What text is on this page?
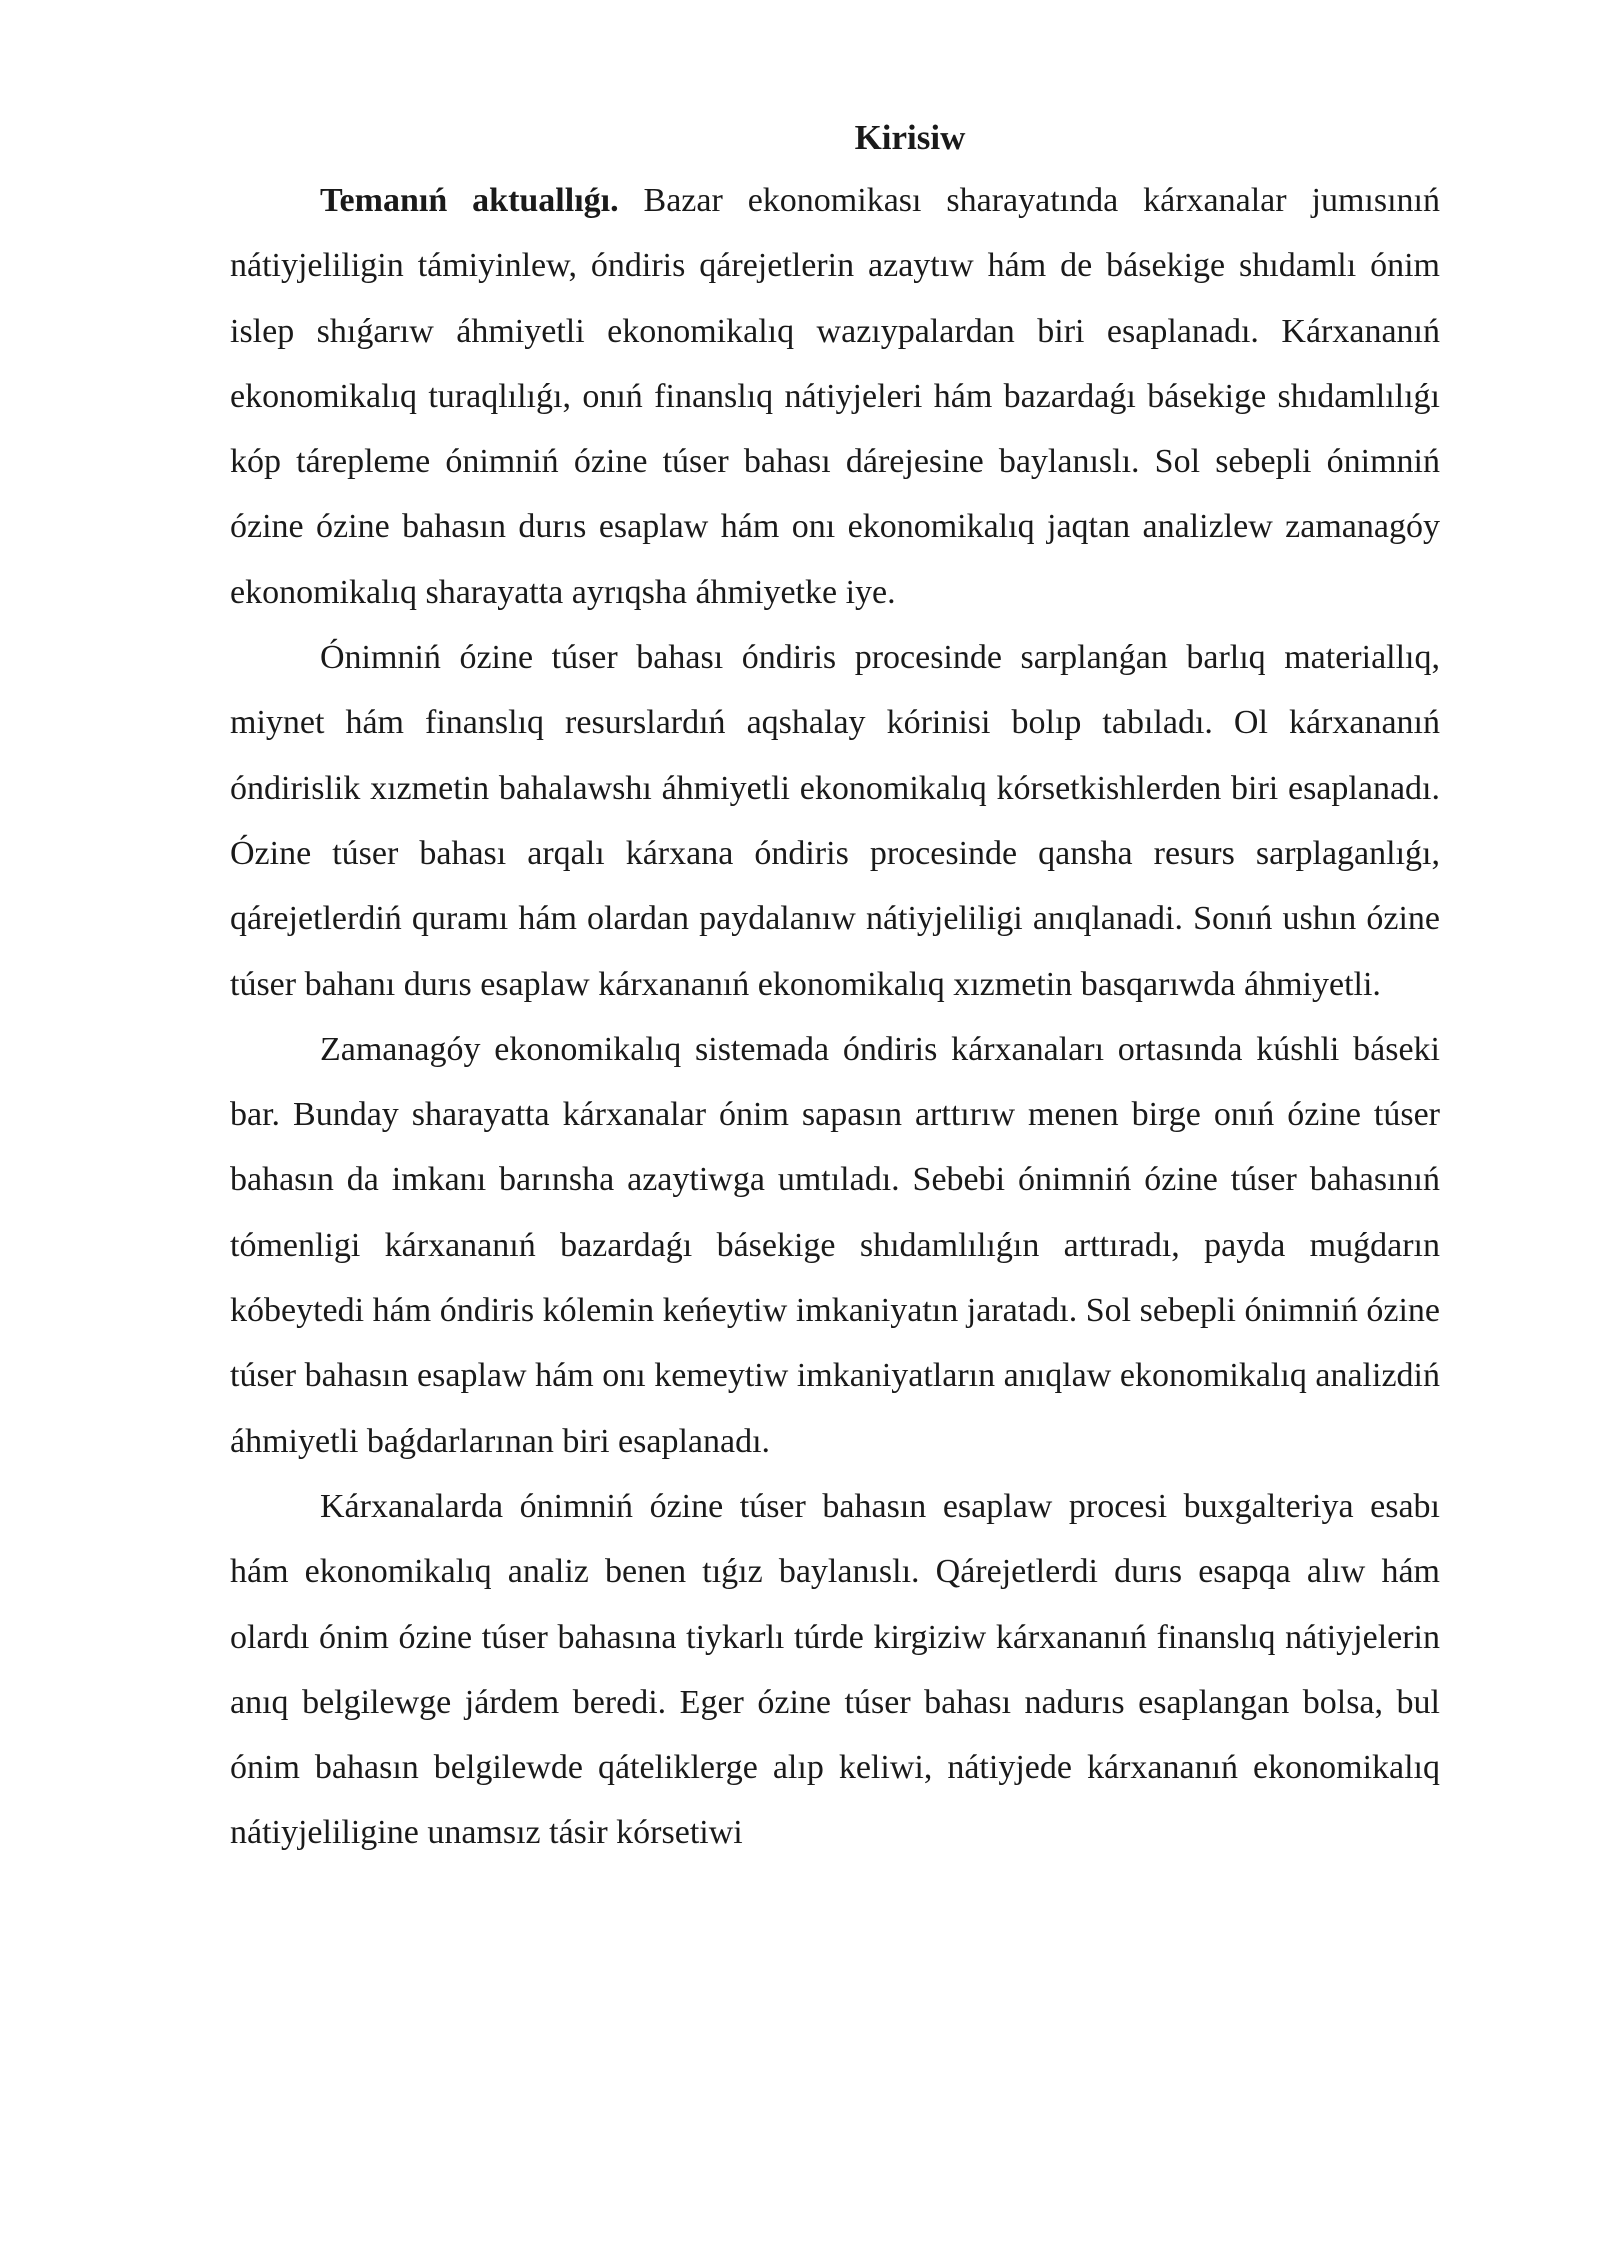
Kirisiw

Temanıń aktuallıǵı. Bazar ekonomikası sharayatında kárxanalar jumısınıń nátiyjeliligin támiyinlew, óndiris qárejetlerin azaytıw hám de básekige shıdamlı ónim islep shıǵarıw áhmiyetli ekonomikalıq wazıypalardan biri esaplanadı. Kárxananıń ekonomikalıq turaqlılıǵı, onıń finanslıq nátiyjeleri hám bazardaǵı básekige shıdamlılıǵı kóp tárepleme ónimniń ózine túser bahası dárejesine baylanıslı. Sol sebepli ónimniń ózine ózine bahasın durıs esaplaw hám onı ekonomikalıq jaqtan analizlew zamanagóy ekonomikalıq sharayatta ayrıqsha áhmiyetke iye.

Ónimniń ózine túser bahası óndiris procesinde sarplanǵan barlıq materiallıq, miynet hám finanslıq resurslardıń aqshalay kórinisi bolıp tabıladı. Ol kárxananıń óndirislik xızmetin bahalawshı áhmiyetli ekonomikalıq kórsetkishlerden biri esaplanadı. Ózine túser bahası arqalı kárxana óndiris procesinde qansha resurs sarplaganlıǵı, qárejetlerdiń quramı hám olardan paydalanıw nátiyjeliligi anıqlanadi. Sonıń ushın ózine túser bahanı durıs esaplaw kárxananıń ekonomikalıq xızmetin basqarıwda áhmiyetli.

Zamanagóy ekonomikalıq sistemada óndiris kárxanaları ortasında kúshli báseki bar. Bunday sharayatta kárxanalar ónim sapasın arttırıw menen birge onıń ózine túser bahasın da imkanı barınsha azaytiwga umtıladı. Sebebi ónimniń ózine túser bahasınıń tómenligi kárxananıń bazardaǵı básekige shıdamlılıǵın arttıradı, payda muǵdarın kóbeytedi hám óndiris kólemin keńeytiw imkaniyatın jaratadı. Sol sebepli ónimniń ózine túser bahasın esaplaw hám onı kemeytiw imkaniyatların anıqlaw ekonomikalıq analizdiń áhmiyetli baǵdarlarınan biri esaplanadı.

Kárxanalarda ónimniń ózine túser bahasın esaplaw procesi buxgalteriya esabı hám ekonomikalıq analiz benen tıǵız baylanıslı. Qárejetlerdi durıs esapqa alıw hám olardı ónim ózine túser bahasına tiykarlı túrde kirgiziw kárxananıń finanslıq nátiyjelerin anıq belgilewge járdem beredi. Eger ózine túser bahası nadurıs esaplangan bolsa, bul ónim bahasın belgilewde qáteliklerge alıp keliwi, nátiyjede kárxananıń ekonomikalıq nátiyjeliligine unamsız tásir kórsetiwi
